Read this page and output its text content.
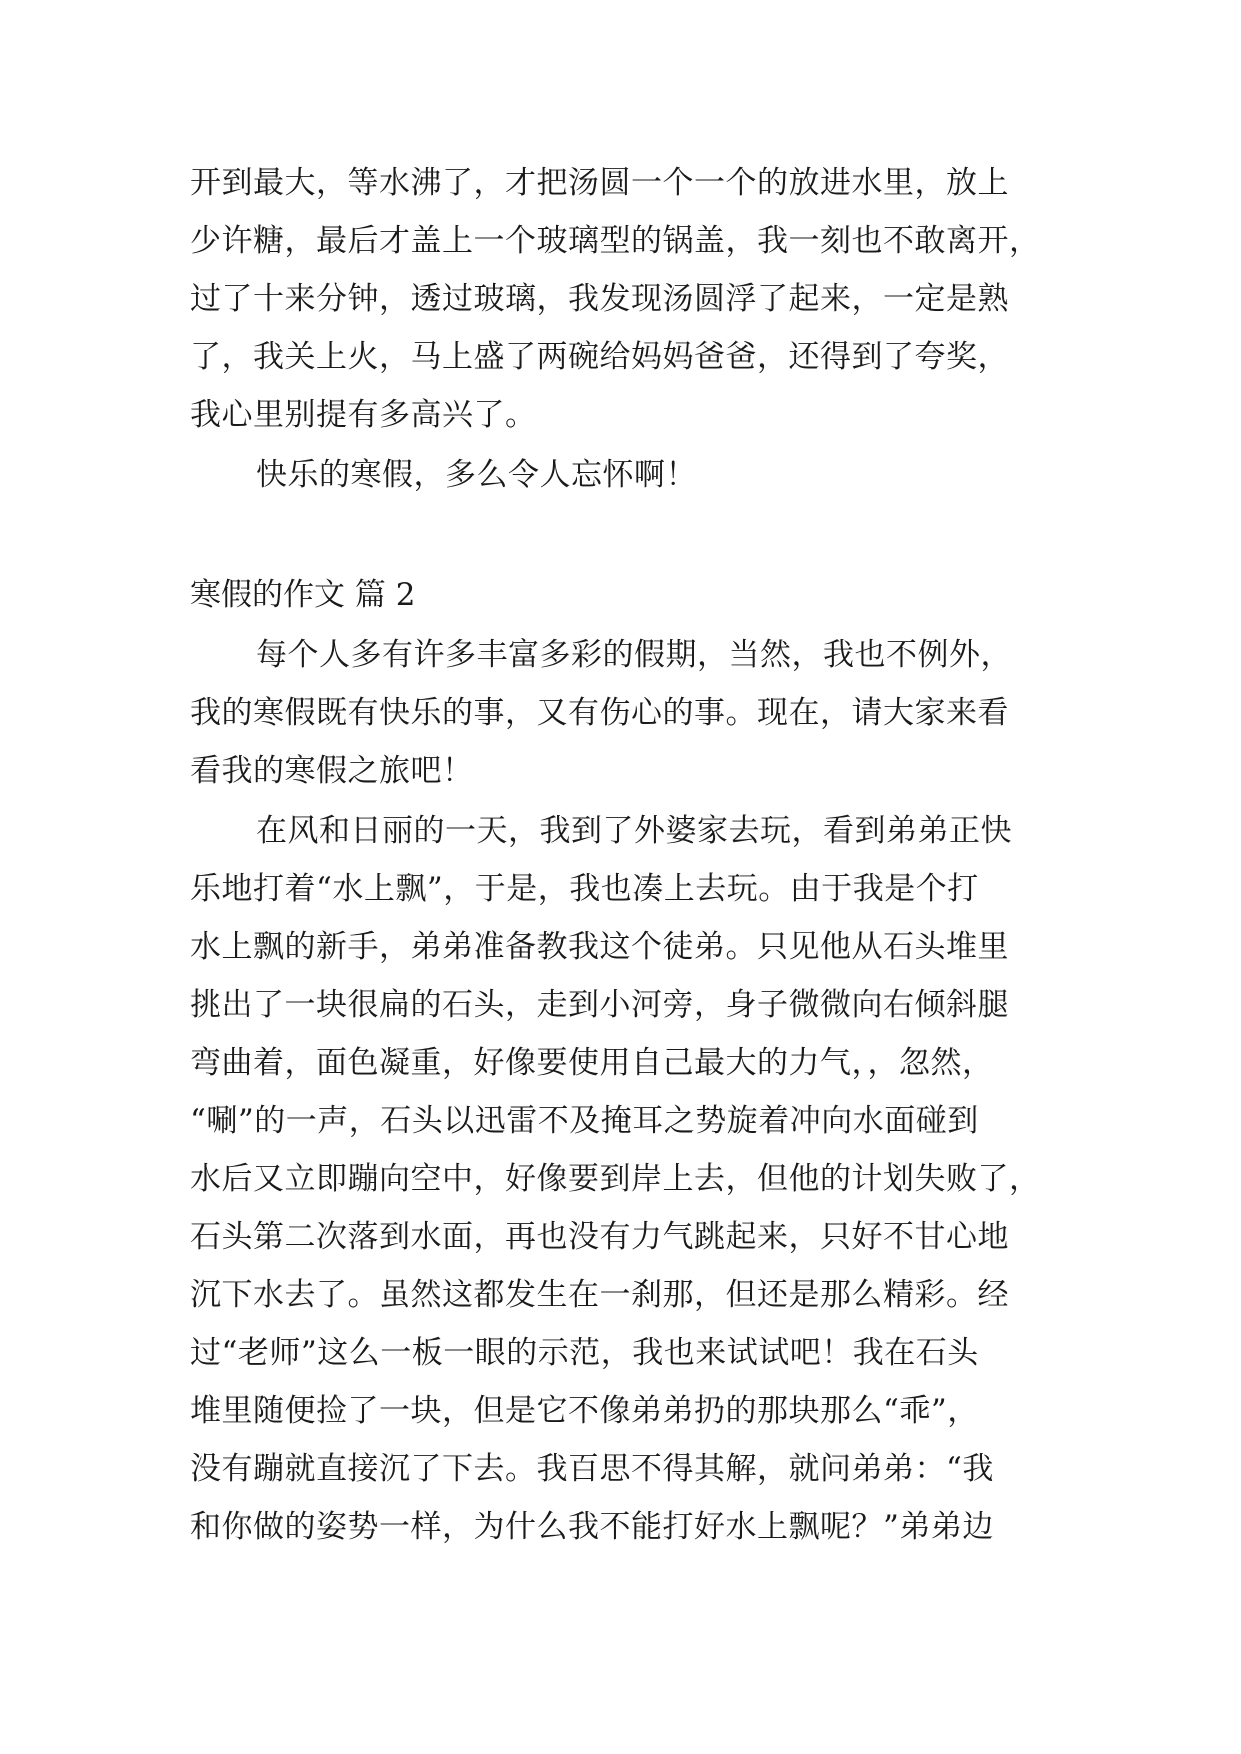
开到最大，等水沸了，才把汤圆一个一个的放进水里，放上
少许糖，最后才盖上一个玻璃型的锅盖，我一刻也不敢离开，
过了十来分钟，透过玻璃，我发现汤圆浮了起来，一定是熟
了，我关上火，马上盛了两碗给妈妈爸爸，还得到了夸奖，
我心里别提有多高兴了。
快乐的寒假，多么令人忘怀啊！
寒假的作文 篇 2
每个人多有许多丰富多彩的假期，当然，我也不例外，
我的寒假既有快乐的事，又有伤心的事。现在，请大家来看
看我的寒假之旅吧！
在风和日丽的一天，我到了外婆家去玩，看到弟弟正快
乐地打着“水上飘”，于是，我也凑上去玩。由于我是个打
水上飘的新手，弟弟准备教我这个徒弟。只见他从石头堆里
挑出了一块很扁的石头，走到小河旁，身子微微向右倾斜腿
弯曲着，面色凝重，好像要使用自己最大的力气，，忽然，
“唰”的一声，石头以迅雷不及掩耳之势旋着冲向水面碰到
水后又立即蹦向空中，好像要到岸上去，但他的计划失败了，
石头第二次落到水面，再也没有力气跳起来，只好不甘心地
沉下水去了。虽然这都发生在一刹那，但还是那么精彩。经
过“老师”这么一板一眼的示范，我也来试试吧！我在石头
堆里随便捡了一块，但是它不像弟弟扔的那块那么“乖”，
没有蹦就直接沉了下去。我百思不得其解，就问弟弟：“我
和你做的姿势一样，为什么我不能打好水上飘呢？”弟弟边
